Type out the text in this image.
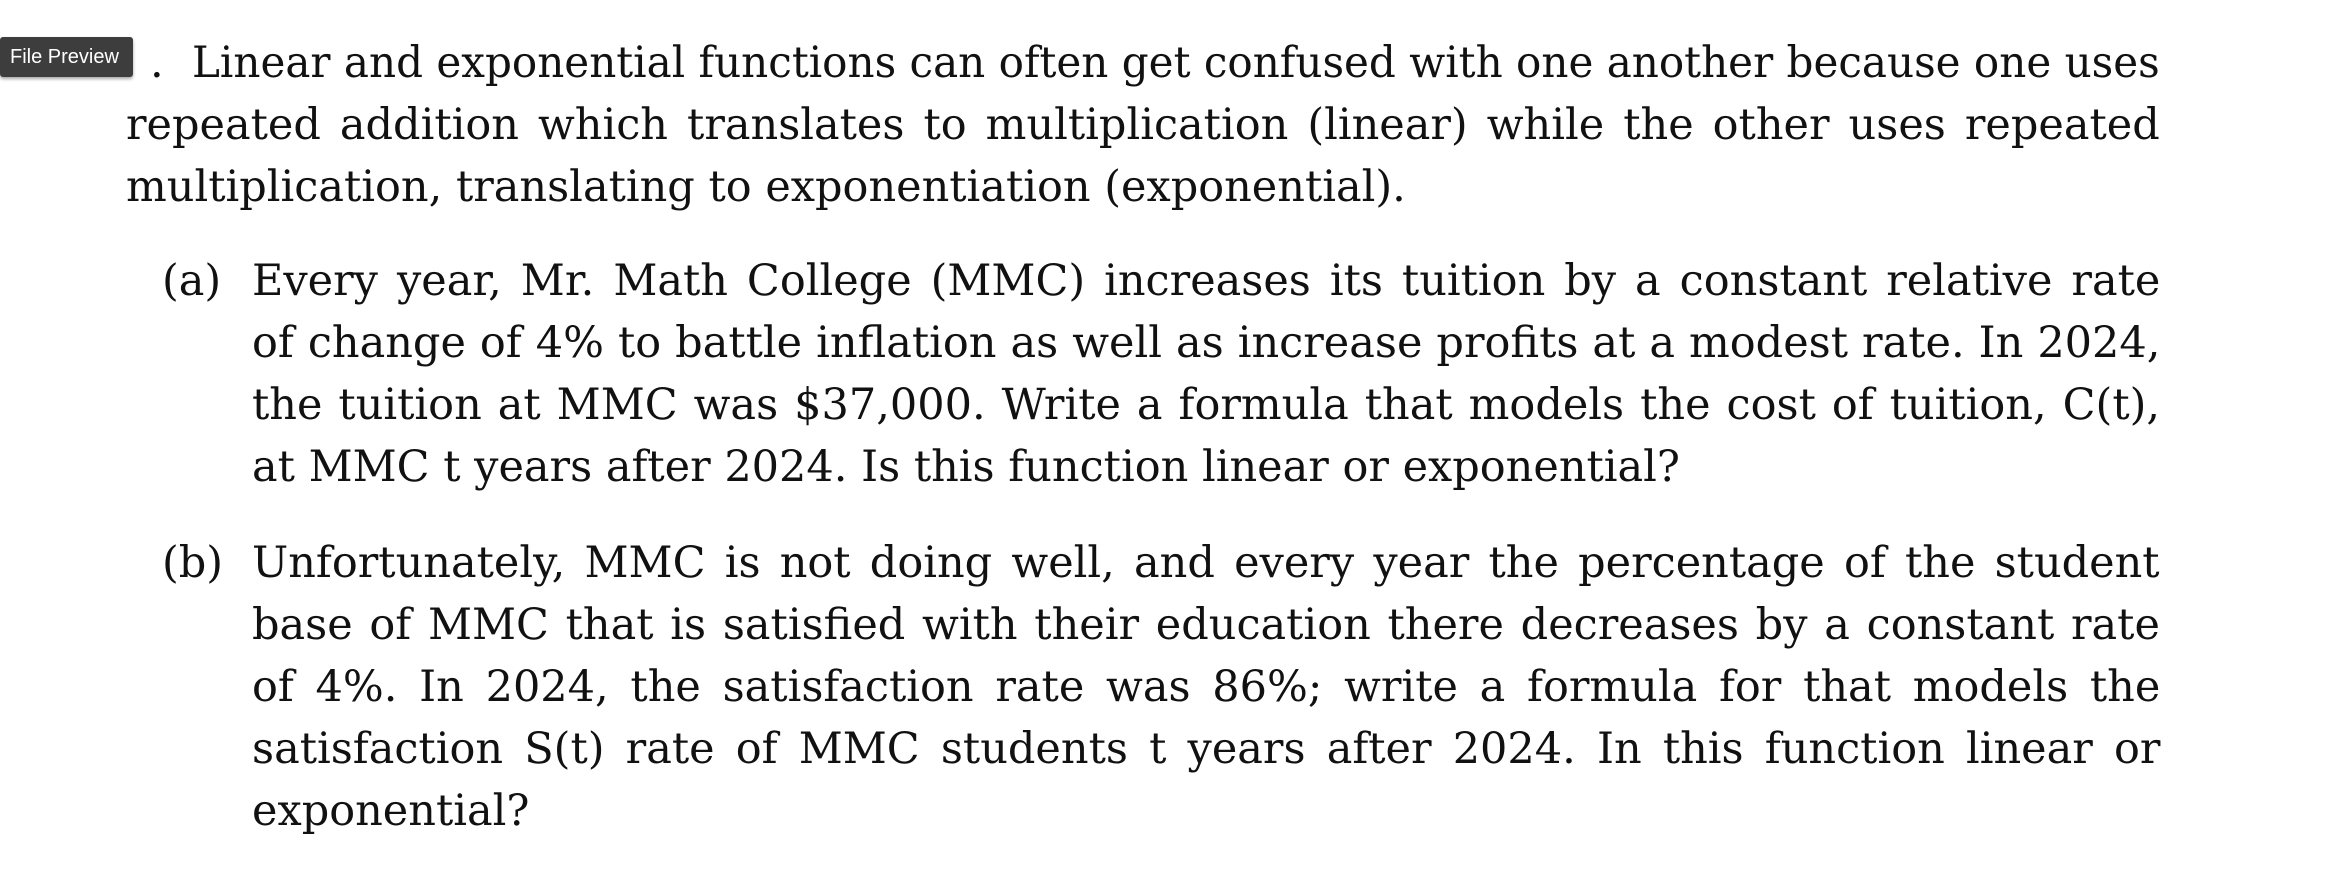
File Preview . Linear and exponential functions can often get confused with one another because one uses
repeated addition which translates to multiplication (linear) while the other uses repeated
multiplication, translating to exponentiation (exponential).
(a) Every year, Mr. Math College (MMC) increases its tuition by a constant relative rate
of change of 4% to battle inflation as well as increase profits at a modest rate. In 2024,
the tuition at MMC was $37,000. Write a formula that models the cost of tuition, C(t),
at MMC t years after 2024. Is this function linear or exponential?
(b) Unfortunately, MMC is not doing well, and every year the percentage of the student
base of MMC that is satisfied with their education there decreases by a constant rate
of 4%. In 2024, the satisfaction rate was 86%; write a formula for that models the
satisfaction S(t) rate of MMC students t years after 2024. In this function linear or
exponential?
